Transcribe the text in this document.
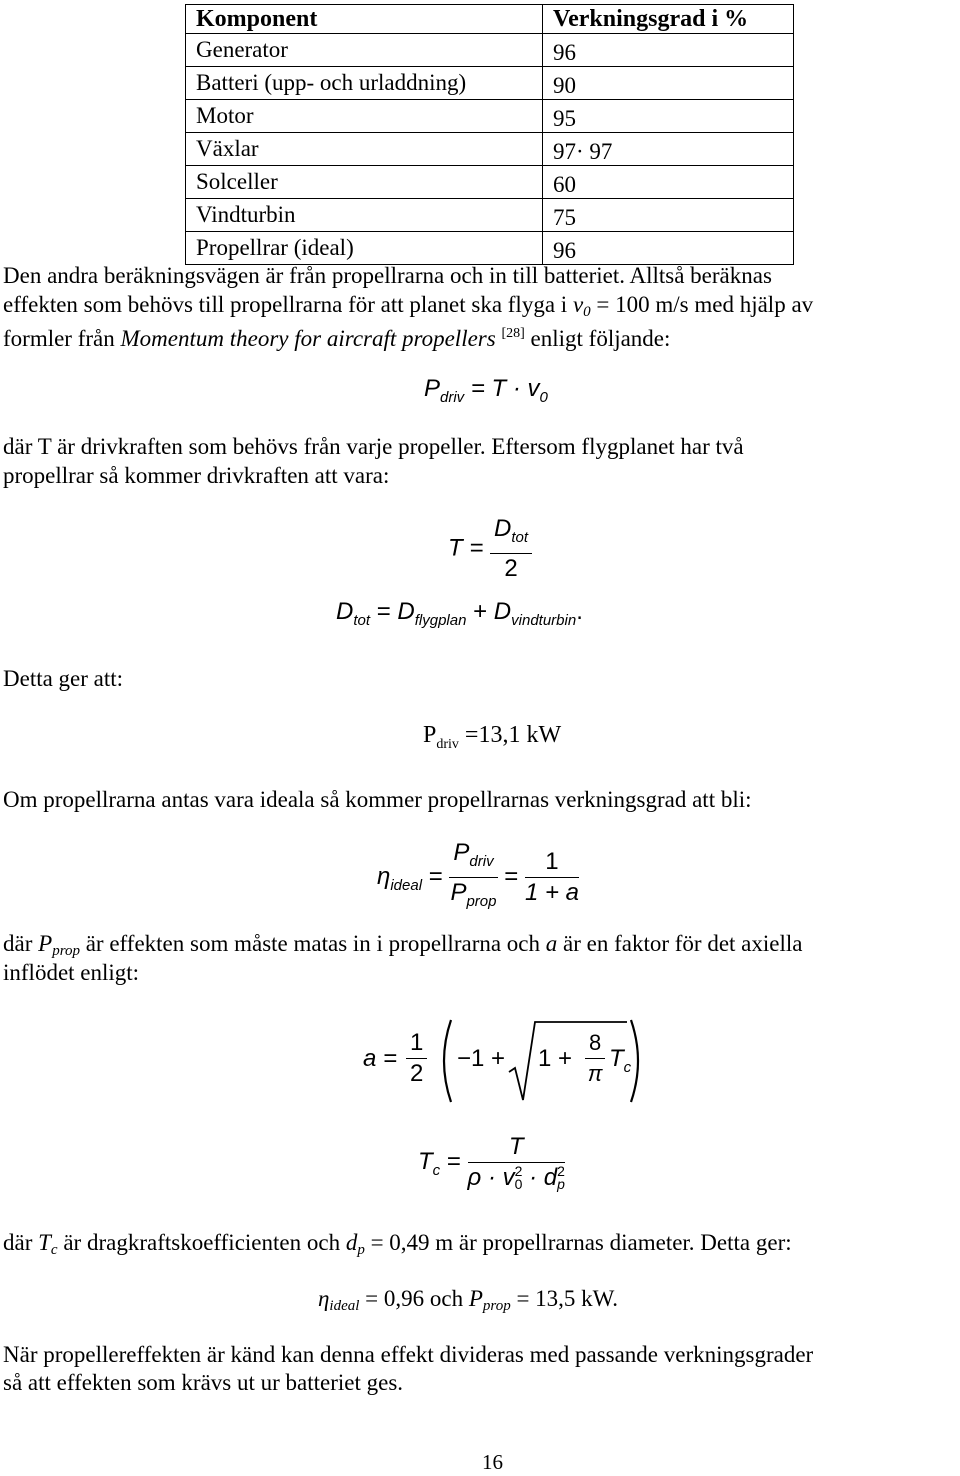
Komponent	Verkningsgrad i %
Generator	96
Batteri (upp- och urladdning)	90
Motor	95
Växlar	97· 97
Solceller	60
Vindturbin	75
Propellrar (ideal)	96
Den andra beräkningsvägen är från propellrarna och in till batteriet. Alltså beräknas
effekten som behövs till propellrarna för att planet ska flyga i v0 = 100 m/s med hjälp av
formler från Momentum theory for aircraft propellers [28] enligt följande:
$P_{driv} = T \cdot v_0$
där T är drivkraften som behövs från varje propeller. Eftersom flygplanet har två
propellrar så kommer drivkraften att vara:
$T = \frac{D_{tot}}{2}$
$D_{tot} = D_{flygplan} + D_{vindturbin}$.
Detta ger att:
$P_{driv} =13,1$ kW
Om propellrarna antas vara ideala så kommer propellrarnas verkningsgrad att bli:
$\eta_{ideal} = \frac{P_{driv}}{P_{prop}} = \frac{1}{1 + a}$
där Pprop är effekten som måste matas in i propellrarna och a är en faktor för det axiella
inflödet enligt:
$a = \frac{1}{2} -1 + 1 + \frac{8}{\pi} T_c$
$T_c = T$
ρ · v 2
0 · d 2
p
där Tc är dragkraftskoefficienten och dp = 0,49 m är propellrarnas diameter. Detta ger:
ηideal = 0,96 och Pprop = 13,5 kW.
När propellereffekten är känd kan denna effekt divideras med passande verkningsgrader
så att effekten som krävs ut ur batteriet ges.
16
